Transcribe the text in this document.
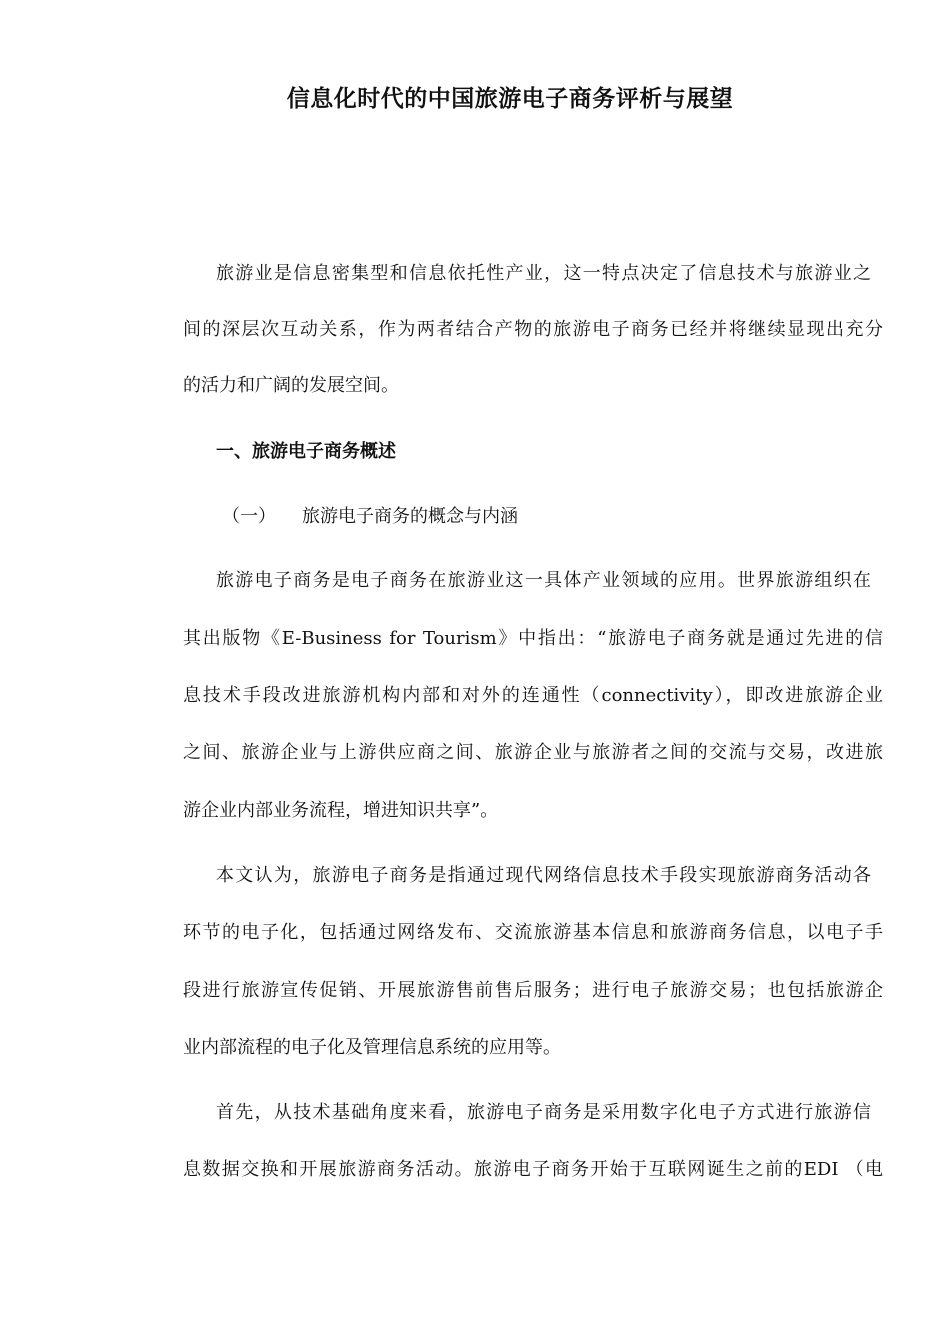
信息化时代的中国旅游电子商务评析与展望
旅游业是信息密集型和信息依托性产业，这一特点决定了信息技术与旅游业之
间的深层次互动关系，作为两者结合产物的旅游电子商务已经并将继续显现出充分
的活力和广阔的发展空间。
一、旅游电子商务概述
（一） 旅游电子商务的概念与内涵
旅游电子商务是电子商务在旅游业这一具体产业领域的应用。世界旅游组织在
其出版物《E-Business for Tourism》中指出：“旅游电子商务就是通过先进的信
息技术手段改进旅游机构内部和对外的连通性（connectivity），即改进旅游企业
之间、旅游企业与上游供应商之间、旅游企业与旅游者之间的交流与交易，改进旅
游企业内部业务流程，增进知识共享”。
本文认为，旅游电子商务是指通过现代网络信息技术手段实现旅游商务活动各
环节的电子化，包括通过网络发布、交流旅游基本信息和旅游商务信息，以电子手
段进行旅游宣传促销、开展旅游售前售后服务；进行电子旅游交易；也包括旅游企
业内部流程的电子化及管理信息系统的应用等。
首先，从技术基础角度来看，旅游电子商务是采用数字化电子方式进行旅游信
息数据交换和开展旅游商务活动。旅游电子商务开始于互联网诞生之前的EDI （电
